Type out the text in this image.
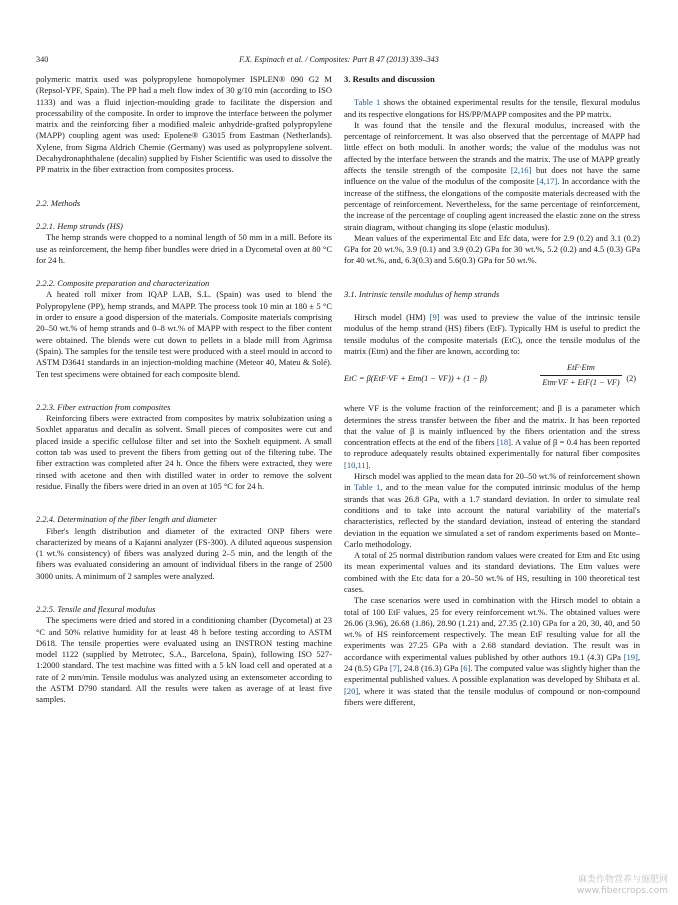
340	F.X. Espinach et al. / Composites: Part B 47 (2013) 339–343

polymeric matrix used was polypropylene homopolymer ISPLEN® 090 G2 M (Repsol-YPF, Spain). The PP had a melt flow index of 30 g/10 min (according to ISO 1133) and was a fluid injection-moulding grade to facilitate the dispersion and processability of the composite. In order to improve the interface between the polymer matrix and the reinforcing fiber a modified maleic anhydride-grafted polypropylene (MAPP) coupling agent was used: Epolene® G3015 from Eastman (Netherlands). Xylene, from Sigma Aldrich Chemie (Germany) was used as polypropylene solvent. Decahydronaphthalene (decalin) supplied by Fisher Scientific was used to dissolve the PP matrix in the fiber extraction from composites process.

2.2. Methods
2.2.1. Hemp strands (HS)

The hemp strands were chopped to a nominal length of 50 mm in a mill. Before its use as reinforcement, the hemp fiber bundles were dried in a Dycometal oven at 80 °C for 24 h.

2.2.2. Composite preparation and characterization

A heated roll mixer from IQAP LAB, S.L. (Spain) was used to blend the Polypropylene (PP), hemp strands, and MAPP. The process took 10 min at 180 ± 5 °C in order to ensure a good dispersion of the materials. Composite materials comprising 20–50 wt.% of hemp strands and 0–8 wt.% of MAPP with respect to the fiber content were obtained. The blends were cut down to pellets in a blade mill from Agrimsa (Spain). The samples for the tensile test were produced with a steel mould in accord to ASTM D3641 standards in an injection-molding machine (Meteor 40, Mateu & Solé). Ten test specimens were obtained for each composite blend.

2.2.3. Fiber extraction from composites

Reinforcing fibers were extracted from composites by matrix solubization using a Soxhlet apparatus and decalin as solvent. Small pieces of composites were cut and placed inside a specific cellulose filter and set into the Soxhelt equipment. A small cotton tab was used to prevent the fibers from getting out of the filtering tube. The fiber extraction was completed after 24 h. Once the fibers were extracted, they were rinsed with acetone and then with distilled water in order to remove the solvent residue. Finally the fibers were dried in an oven at 105 °C for 24 h.

2.2.4. Determination of the fiber length and diameter

Fiber's length distribution and diameter of the extracted ONP fibers were characterized by means of a Kajanni analyzer (FS-300). A diluted aqueous suspension (1 wt.% consistency) of fibers was analyzed during 2–5 min, and the length of the fibers was evaluated considering an amount of individual fibers in the range of 2500 3000 units. A minimum of 2 samples were analyzed.

2.2.5. Tensile and flexural modulus

The specimens were dried and stored in a conditioning chamber (Dycometal) at 23 °C and 50% relative humidity for at least 48 h before testing according to ASTM D618. The tensile properties were evaluated using an INSTRON testing machine model 1122 (supplied by Metrotec, S.A., Barcelona, Spain), following ISO 527-1:2000 standard. The test machine was fitted with a 5 kN load cell and operated at a rate of 2 mm/min. Tensile modulus was analyzed using an extensometer according to the ASTM D790 standard. All the results were taken as average of at least five samples.

3. Results and discussion

Table 1 shows the obtained experimental results for the tensile, flexural modulus and its respective elongations for HS/PP/MAPP composites and the PP matrix.

It was found that the tensile and the flexural modulus, increased with the percentage of reinforcement. It was also observed that the percentage of MAPP had little effect on both moduli. In another words; the value of the modulus was not affected by the interface between the strands and the matrix. The use of MAPP greatly affects the tensile strength of the composite [2,16] but does not have the same influence on the value of the modulus of the composite [4,17]. In accordance with the increase of the stiffness, the elongations of the composite materials decreased with the percentage of reinforcement. Nevertheless, for the same percentage of reinforcement, the increase of the percentage of coupling agent increased the elastic zone on the stress strain diagram, without changing its slope (elastic modulus).

Mean values of the experimental Etc and Efc data, were for 2.9 (0.2) and 3.1 (0.2) GPa for 20 wt.%, 3.9 (0.1) and 3.9 (0.2) GPa for 30 wt.%, 5.2 (0.2) and 4.5 (0.3) GPa for 40 wt.%, and, 6.3(0.3) and 5.6(0.3) GPa for 50 wt.%.

3.1. Intrinsic tensile modulus of hemp strands

Hirsch model (HM) [9] was used to preview the value of the intrinsic tensile modulus of the hemp strand (HS) fibers (EtF). Typically HM is useful to predict the tensile modulus of the composite materials (EtC), once the tensile modulus of the matrix (Etm) and the fiber are known, according to:

EtC = β(EtF·VF + Etm(1 − VF)) + (1 − β)
EtF·Etm
Etm·VF + EtF(1 − VF) (2)

where VF is the volume fraction of the reinforcement; and β is a parameter which determines the stress transfer between the fiber and the matrix. It has been reported that the value of β is mainly influenced by the fibers orientation and the stress concentration effects at the end of the fibers [18]. A value of β = 0.4 has been reported to reproduce adequately results obtained experimentally for natural fiber composites [10,11].

Hirsch model was applied to the mean data for 20–50 wt.% of reinforcement shown in Table 1, and to the mean value for the computed intrinsic modulus of the hemp strands that was 26.8 GPa, with a 1.7 standard deviation. In order to simulate real conditions and to take into account the natural variability of the material's characteristics, reflected by the standard deviation, instead of entering the standard deviation in the equation we simulated a set of random experiments based on Monte–Carlo methodology.

A total of 25 normal distribution random values were created for Etm and Etc using its mean experimental values and its standard deviations. The Etm values were combined with the Etc data for a 20–50 wt.% of HS, resulting in 100 theoretical test cases.

The case scenarios were used in combination with the Hirsch model to obtain a total of 100 EtF values, 25 for every reinforcement wt.%. The obtained values were 26.06 (3.96), 26.68 (1.86), 28.90 (1.21) and, 27.35 (2.10) GPa for a 20, 30, 40, and 50 wt.% of HS reinforcement respectively. The mean EtF resulting value for all the experiments was 27.25 GPa with a 2.68 standard deviation. The result was in accordance with experimental values published by other authors 19.1 (4.3) GPa [19], 24 (8.5) GPa [7], 24.8 (16.3) GPa [6]. The computed value was slightly higher than the experimental published values. A possible explanation was developed by Shibata et al. [20], where it was stated that the tensile modulus of compound or non-compound fibers were different,

麻类作物营养与施肥网
www.fibercrops.com
